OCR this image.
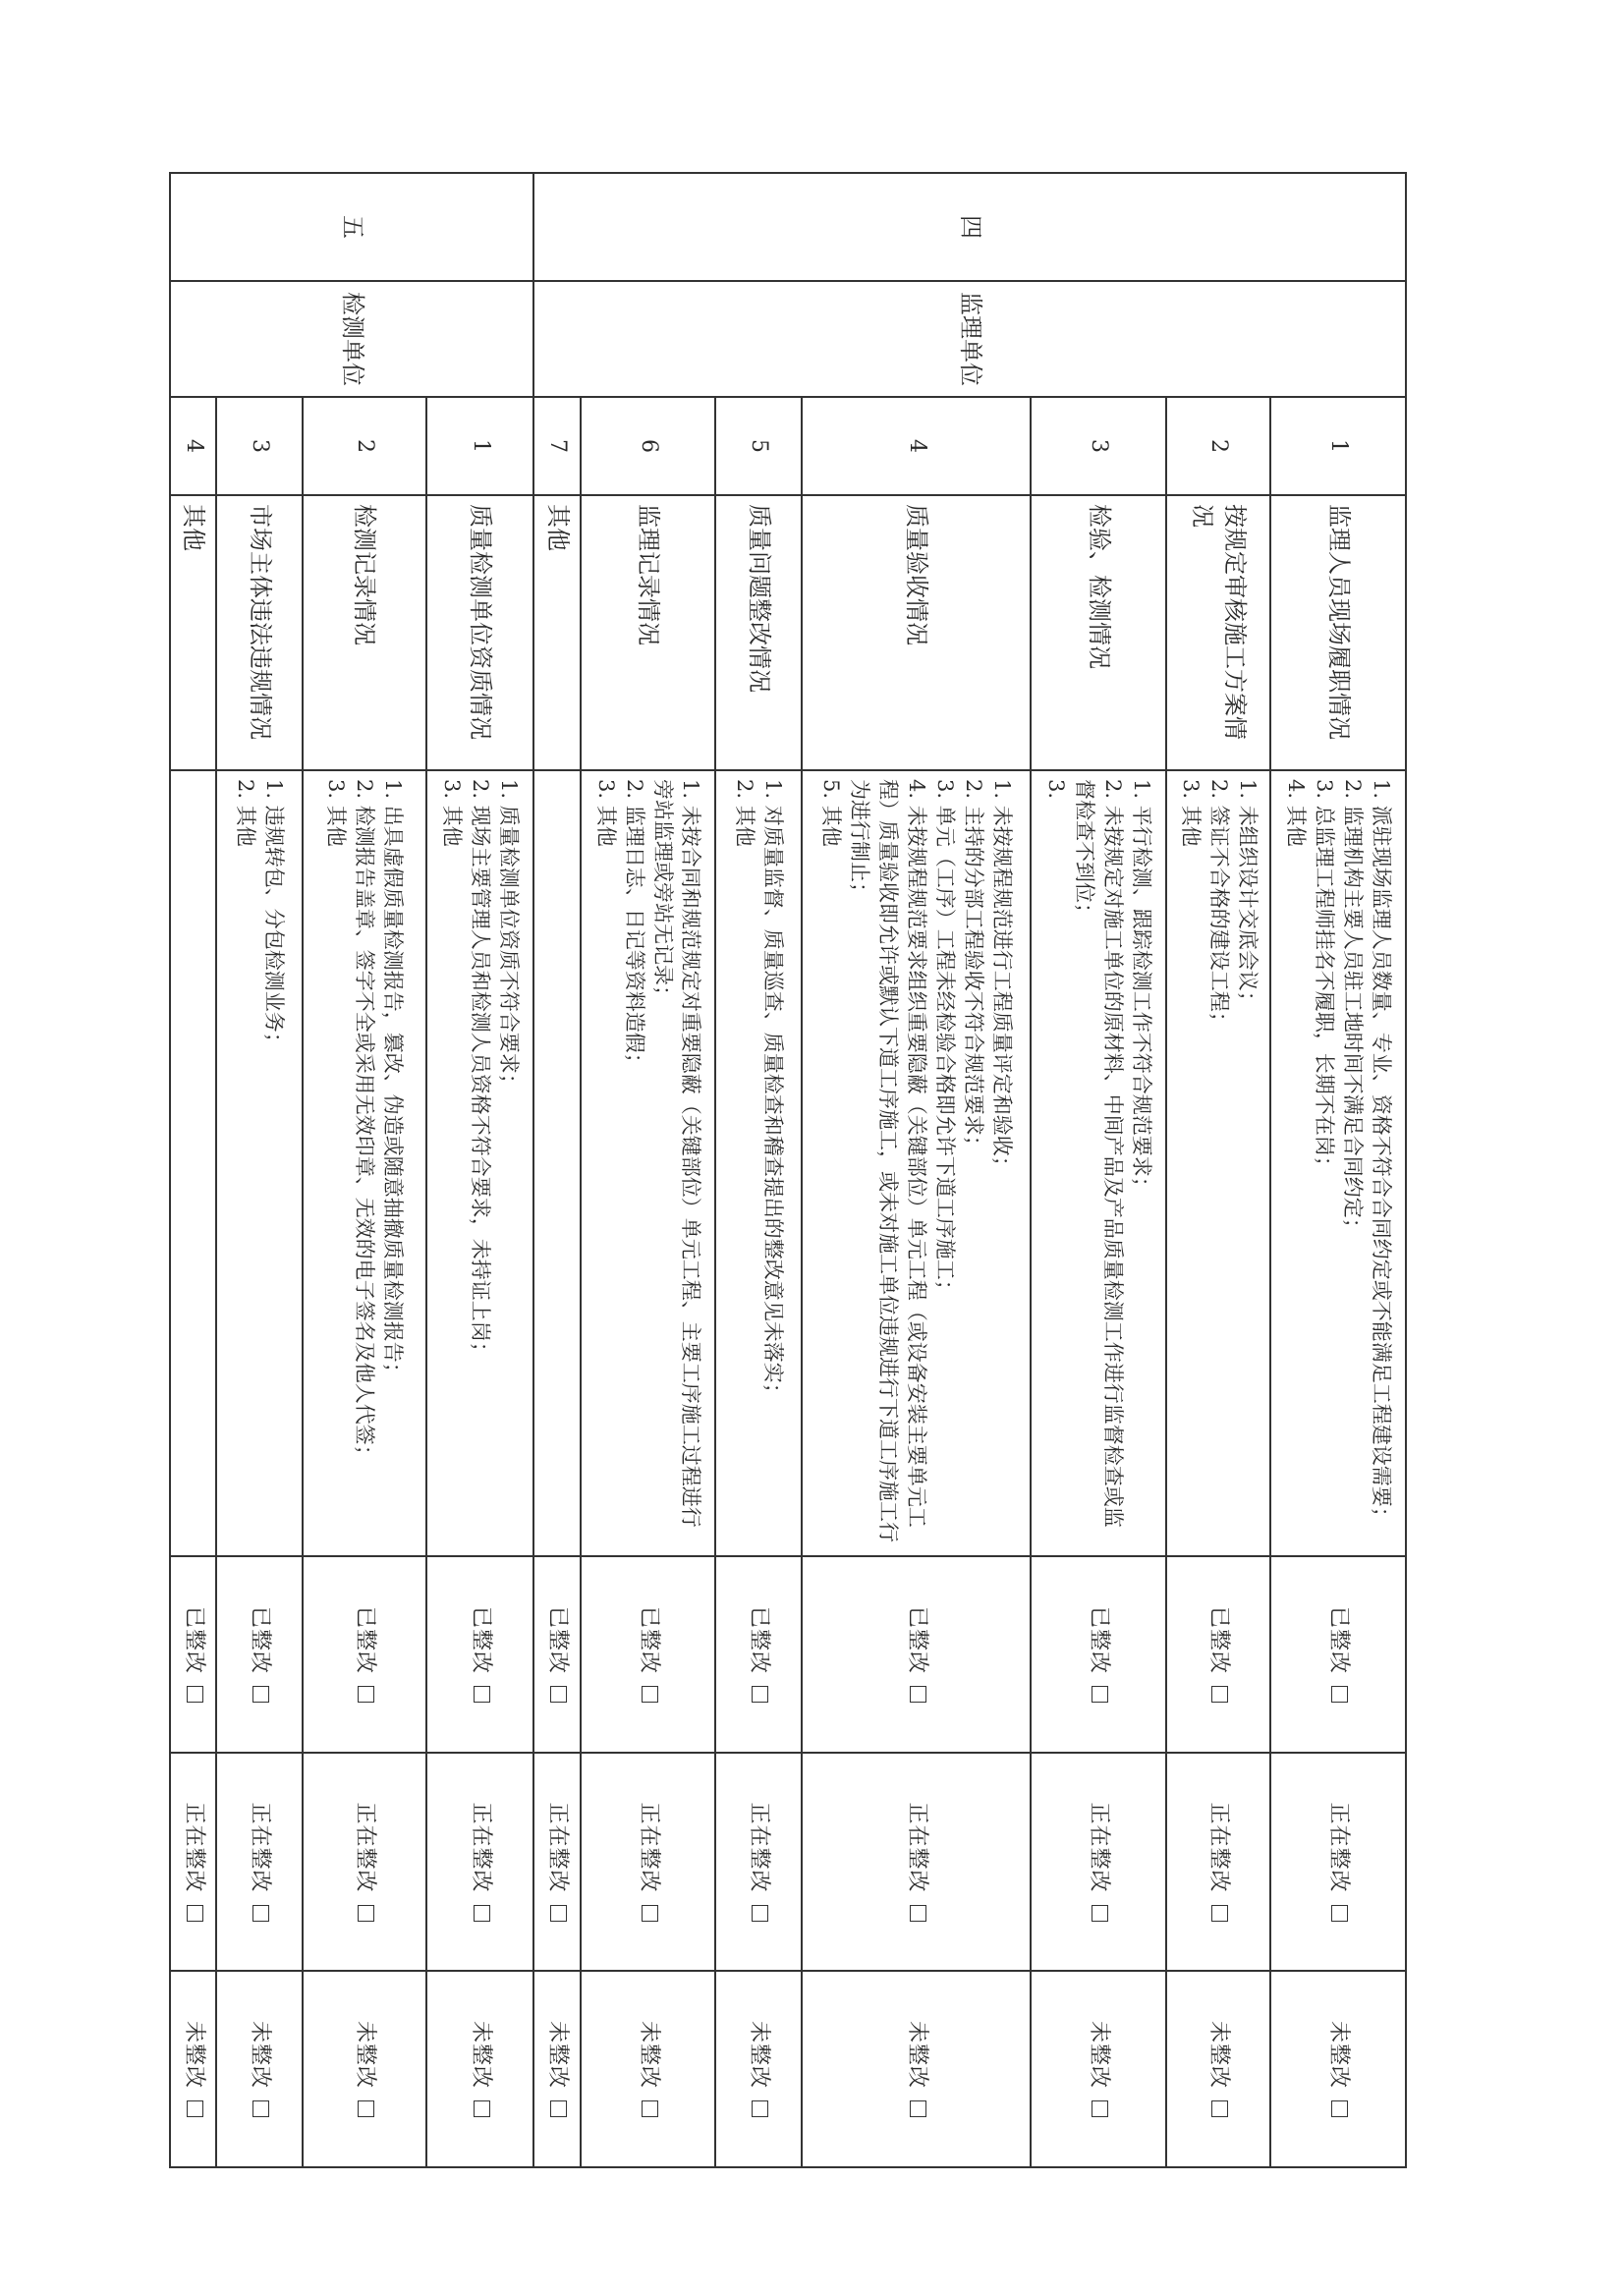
四	监理单位	1	监理人员现场履职情况	1. 派驻现场监理人员数量、专业、资格不符合合同约定或不能满足工程建设需要；
2. 监理机构主要人员驻工地时间不满足合同约定；
3. 总监理工程师挂名不履职，长期不在岗；
4. 其他	已整改	正在整改	未整改
		2	按规定审核施工方案情况	1. 未组织设计交底会议；
2. 签证不合格的建设工程；
3. 其他	已整改	正在整改	未整改
		3	检验、检测情况	1. 平行检测、跟踪检测工作不符合规范要求；
2. 未按规定对施工单位的原材料、中间产品及产品质量检测工作进行监督检查或监督检查不到位；
3.	已整改	正在整改	未整改
		4	质量验收情况	1. 未按规程规范进行工程质量评定和验收；
2. 主持的分部工程验收不符合规范要求；
3. 单元（工序）工程未经检验合格即允许下道工序施工；
4. 未按规程规范要求组织重要隐蔽（关键部位）单元工程（或设备安装主要单元工程）质量验收即允许或默认下道工序施工，或未对施工单位违规进行下道工序施工行为进行制止；
5. 其他	已整改	正在整改	未整改
		5	质量问题整改情况	1. 对质量监督、质量巡查、质量检查和稽查提出的整改意见未落实；
2. 其他	已整改	正在整改	未整改
		6	监理记录情况	1. 未按合同和规范规定对重要隐蔽（关键部位）单元工程、主要工序施工过程进行旁站监理或旁站无记录；
2. 监理日志、日记等资料造假；
3. 其他	已整改	正在整改	未整改
		7	其他		已整改	正在整改	未整改
五	检测单位	1	质量检测单位资质情况	1. 质量检测单位资质不符合要求；
2. 现场主要管理人员和检测人员资格不符合要求，未持证上岗；
3. 其他	已整改	正在整改	未整改
		2	检测记录情况	1. 出具虚假质量检测报告，篡改、伪造或随意抽撤质量检测报告；
2. 检测报告盖章、签字不全或采用无效印章、无效的电子签名及他人代签；
3. 其他	已整改	正在整改	未整改
		3	市场主体违法违规情况	1. 违规转包、分包检测业务；
2. 其他	已整改	正在整改	未整改
		4	其他		已整改	正在整改	未整改
